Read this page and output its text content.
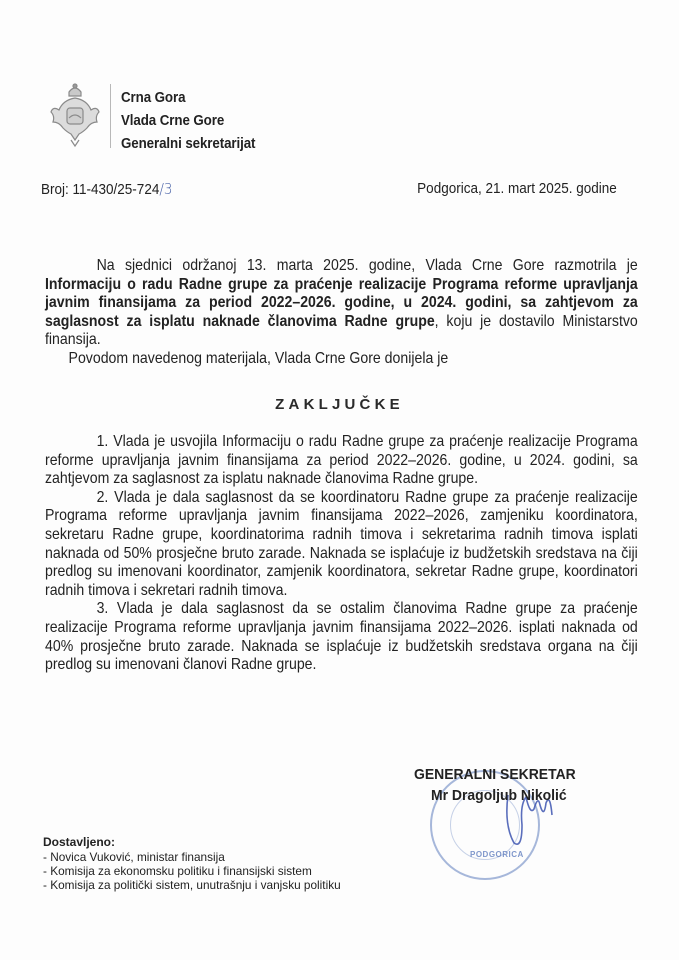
Crna Gora
Vlada Crne Gore
Generalni sekretarijat
Broj: 11-430/25-724/3	Podgorica, 21. mart 2025. godine

Na sjednici održanoj 13. marta 2025. godine, Vlada Crne Gore razmotrila je Informaciju o radu Radne grupe za praćenje realizacije Programa reforme upravljanja javnim finansijama za period 2022–2026. godine, u 2024. godini, sa zahtjevom za saglasnost za isplatu naknade članovima Radne grupe, koju je dostavilo Ministarstvo finansija.

Povodom navedenog materijala, Vlada Crne Gore donijela je

ZAKLJUČKE

1. Vlada je usvojila Informaciju o radu Radne grupe za praćenje realizacije Programa reforme upravljanja javnim finansijama za period 2022–2026. godine, u 2024. godini, sa zahtjevom za saglasnost za isplatu naknade članovima Radne grupe.

2. Vlada je dala saglasnost da se koordinatoru Radne grupe za praćenje realizacije Programa reforme upravljanja javnim finansijama 2022–2026, zamjeniku koordinatora, sekretaru Radne grupe, koordinatorima radnih timova i sekretarima radnih timova isplati naknada od 50% prosječne bruto zarade. Naknada se isplaćuje iz budžetskih sredstava na čiji predlog su imenovani koordinator, zamjenik koordinatora, sekretar Radne grupe, koordinatori radnih timova i sekretari radnih timova.

3. Vlada je dala saglasnost da se ostalim članovima Radne grupe za praćenje realizacije Programa reforme upravljanja javnim finansijama 2022–2026. isplati naknada od 40% prosječne bruto zarade. Naknada se isplaćuje iz budžetskih sredstava organa na čiji predlog su imenovani članovi Radne grupe.

PODGORICA
GENERALNI SEKRETAR
Mr Dragoljub Nikolić
Dostavljeno:
- Novica Vuković, ministar finansija
- Komisija za ekonomsku politiku i finansijski sistem
- Komisija za politički sistem, unutrašnju i vanjsku politiku
